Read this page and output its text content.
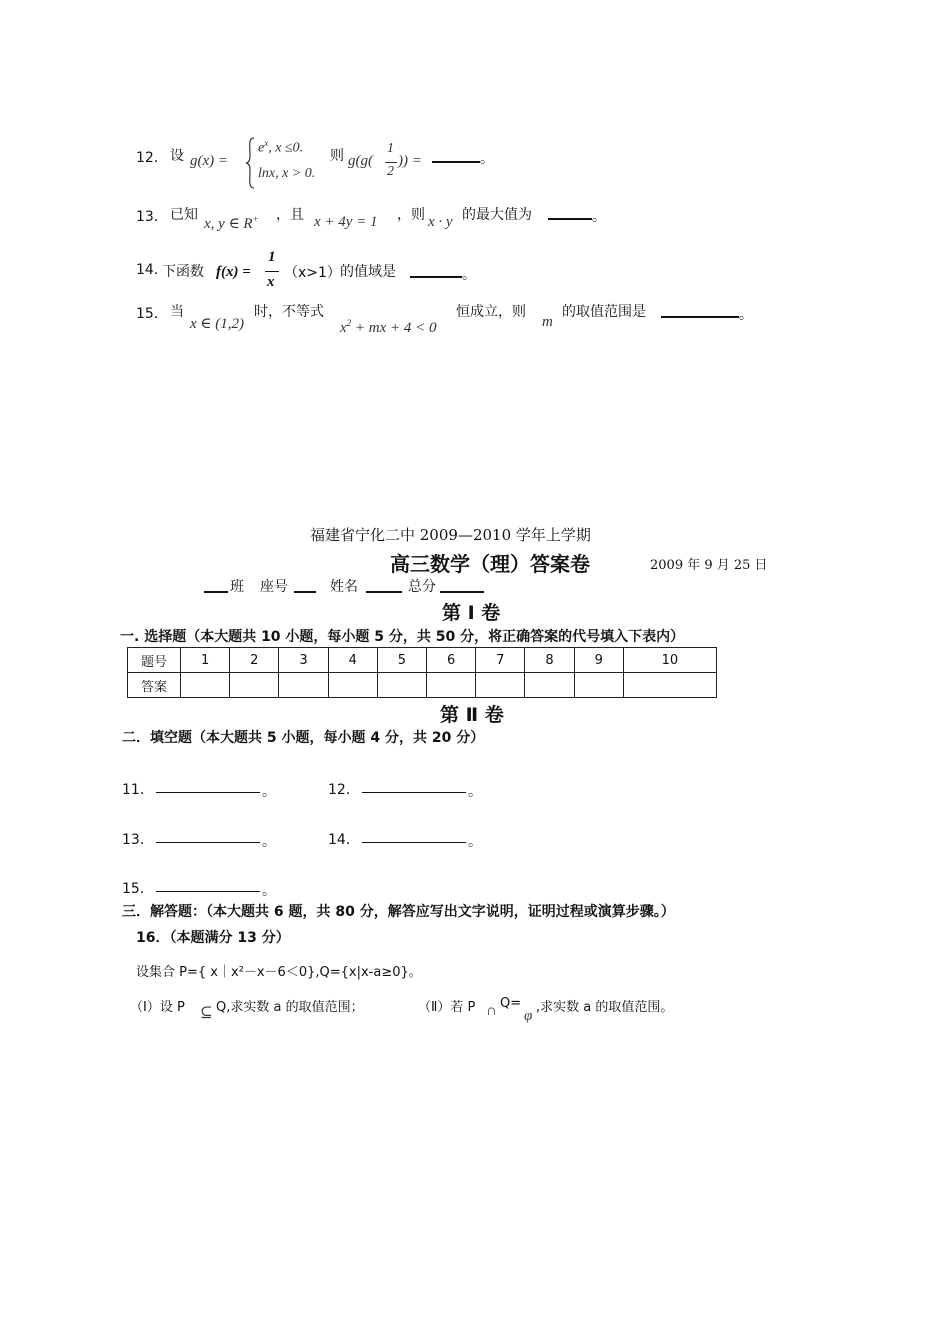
12． 设 g(x) =
$e^x$, x ≤0.
lnx, x > 0.
则 g(g(
1
2
)) =	。
13． 已知
x, y ∈ R+ ，且 x + 4y = 1 ，则 x · y 的最大值为	。
14. 下函数 f(x) =
1
x
（x>1） 的值域是	。
15． 当
x ∈ (1,2)
时，不等式
$x^2$ + mx + 4 < 0
恒成立，则
m
的取值范围是	。
福建省宁化二中 2009—2010 学年上学期
高三数学（理）答案卷	2009 年 9 月 25 日
班 座号	姓名	总分
第 Ⅰ 卷
一. 选择题（本大题共 10 小题，每小题 5 分，共 50 分，将正确答案的代号填入下表内）
题号	1	2	3	4	5	6	7	8	9	10
答案										
第 Ⅱ 卷
二．填空题（本大题共 5 小题，每小题 4 分，共 20 分）
11．	。	12．	。
13．	。	14．	。
15．	。
三．解答题：（本大题共 6 题，共 80 分，解答应写出文字说明，证明过程或演算步骤。）
16．（本题满分 13 分）
设集合 P={ x｜x²－x－6＜0},Q={x|x-a≥0}。
（Ⅰ）设 P ⊆ Q,求实数 a 的取值范围；	（Ⅱ）若 P ∩ Q=
φ
,求实数 a 的取值范围。
